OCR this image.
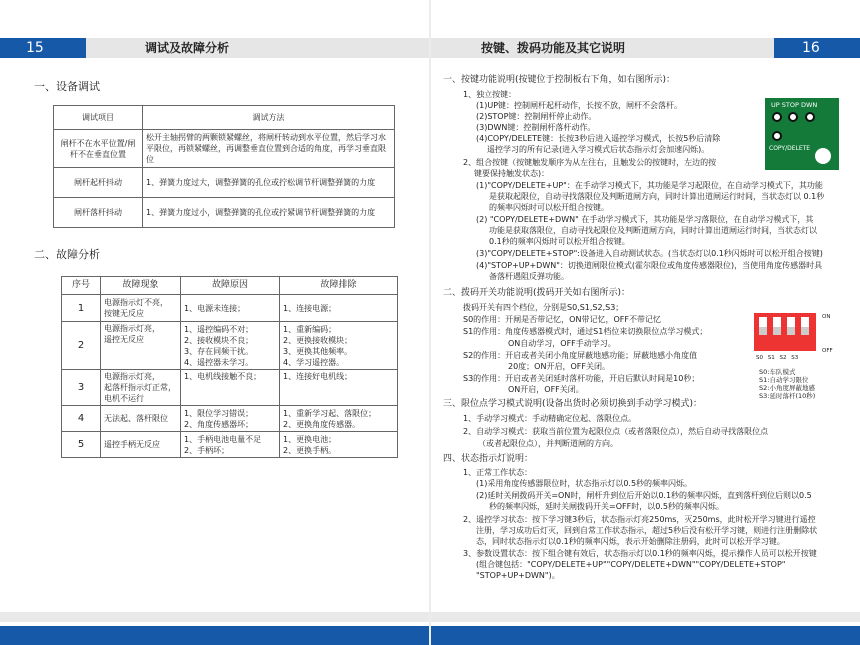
15	调试及故障分析
一、设备调试
调试项目	调试方法
闸杆不在水平位置/闸杆不在垂直位置	松开主轴拐臂的两颗锁紧螺丝，将闸杆转动到水平位置，然后学习水平限位，再锁紧螺丝，再调整垂直位置到合适的角度，再学习垂直限位
闸杆起杆抖动	1、弹簧力度过大，调整弹簧的孔位或拧松调节杆调整弹簧的力度
闸杆落杆抖动	1、弹簧力度过小，调整弹簧的孔位或拧紧调节杆调整弹簧的力度
二、故障分析
序号	故障现象	故障原因	故障排除
1	电源指示灯不亮，
按键无反应	1、电源未连接；	1、连接电源；

2	电源指示灯亮，
遥控无反应	1、遥控编码不对；
2、接收模块不良；
3、存在同频干扰。
4、遥控器未学习。	1、重新编码；
2、更换接收模块；
3、更换其他频率。
4、学习遥控器。

3	电源指示灯亮，
起落杆指示灯正常，
电机不运行	1、电机线接触不良；	1、连接好电机线；

4	无法起、落杆限位	1、限位学习错误；
2、角度传感器坏；	1、重新学习起、落限位；
2、更换角度传感器。

5	遥控手柄无反应	1、手柄电池电量不足
2、手柄坏；	1、更换电池；
2、更换手柄。
按键、拨码功能及其它说明	16
一、按键功能说明(按键位于控制板右下角，如右图所示)：
1、独立按键：
(1)UP键：控制闸杆起杆动作，长按不放，闸杆不会落杆。
(2)STOP键：控制闸杆停止动作。
(3)DWN键：控制闸杆落杆动作。
(4)COPY/DELETE键：长按3秒后进入遥控学习模式，长按5秒后清除
遥控学习的所有记录(进入学习模式后状态指示灯会加速闪烁)。
2、组合按键（按键触发顺序为从左往右，且触发公的按键时，左边的按
键要保持触发状态)：
(1)"COPY/DELETE+UP"：在手动学习模式下，其功能是学习起限位，在自动学习模式下，其功能
是获取起限位，自动寻找落限位及判断道闸方向，同时计算出道闸运行时间，当状态灯以 0.1秒
的频率闪烁时可以松开组合按键。
(2) "COPY/DELETE+DWN" 在手动学习模式下，其功能是学习落限位，在自动学习模式下，其
功能是获取落限位，自动寻找起限位及判断道闸方向，同时计算出道闸运行时间，当状态灯以
0.1秒的频率闪烁时可以松开组合按键。
(3)"COPY/DELETE+STOP":设备进入自动测试状态。(当状态灯以0.1秒闪烁时可以松开组合按键)
(4)"STOP+UP+DWN"：切换道闸限位模式(霍尔限位或角度传感器限位)，当使用角度传感器时具
备落杆遇阻反弹功能。
二、拨码开关功能说明(拨码开关如右图所示)：
拨码开关有四个档位，分别是S0,S1,S2,S3；
S0的作用：开闸是否带记忆，ON带记忆，OFF不带记忆
S1的作用：角度传感器模式时，通过S1档位来切换限位点学习模式；
ON自动学习，OFF手动学习。
S2的作用：开启或者关闭小角度屏蔽地感功能；屏蔽地感小角度值
20度；ON开启，OFF关闭。
S3的作用：开启或者关闭延时落杆功能，开启后默认时间是10秒；
ON开启，OFF关闭。
三、限位点学习模式说明(设备出货时必须切换到手动学习模式)：
1、手动学习模式：手动精确定位起、落限位点。
2、自动学习模式：获取当前位置为起限位点（或者落限位点），然后自动寻找落限位点
（或者起限位点），并判断道闸的方向。
四、状态指示灯说明：
1、正常工作状态：
(1)采用角度传感器限位时，状态指示灯以0.5秒的频率闪烁。
(2)延时关闸拨码开关=ON时，闸杆升到位后开始以0.1秒的频率闪烁，直到落杆到位后则以0.5
秒的频率闪烁，延时关闸拨码开关=OFF时，以0.5秒的频率闪烁。
2、遥控学习状态：按下学习键3秒后，状态指示灯亮250ms，灭250ms，此时松开学习键进行遥控
注册，学习成功后灯灭，回到自常工作状态指示，超过5秒后没有松开学习键，则进行注册删除状
态，同时状态指示灯以0.1秒的频率闪烁，表示开始删除注册码，此时可以松开学习键。
3、参数设置状态：按下组合键有效后，状态指示灯以0.1秒的频率闪烁，提示操作人员可以松开按键
(组合键包括："COPY/DELETE+UP""COPY/DELETE+DWN""COPY/DELETE+STOP"
"STOP+UP+DWN")。
UP STOP DWN
COPY/DELETE
ON
OFF
S0 S1 S2 S3
S0:车队模式
S1:自动学习限位
S2:小角度屏蔽地感
S3:延时落杆(10秒)
